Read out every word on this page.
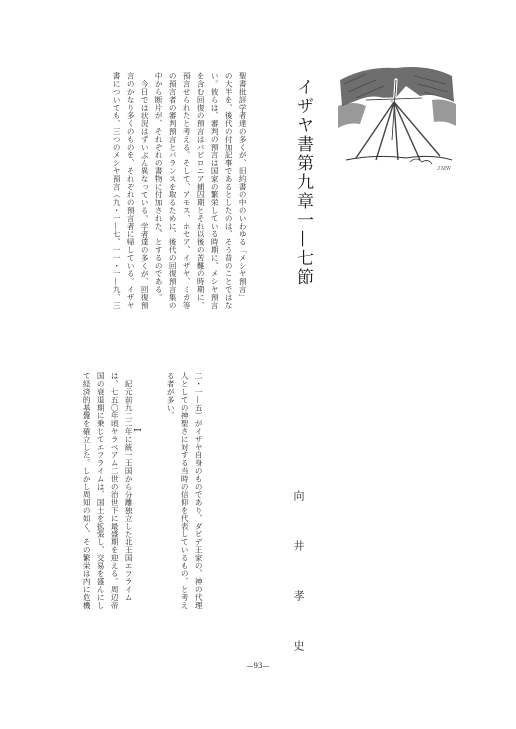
ＪＭＷ
イザヤ書第九章一—七節
向　井　孝　史
聖書批評学者達の多くが、旧約書の中のいわゆる「メシヤ預言」
の大半を、後代の付加記事であるとしたのは、そう昔のことではな
い。彼らは、審判の預言は国家の繁栄している時期に、メシヤ預言
を含む回復の預言はバビロニア捕囚期とそれ以後の苦難の時期に、
預言せられたと考える。そして、アモス、ホセア、イザヤ、ミカ等
の預言者の審判預言とバランスを取るために、後代の回復預言集の
中から断片が、それぞれの書物に付加された、とするのである。
今日では状況はずいぶん異なっている。学者達の多くが、回復預
言のかなり多くのものを、それぞれの預言者に帰している。イザヤ
書についても、三つのメシヤ預言（九・一—七、一一・一—九、三
二・一—五）がイザヤ自身のものであり、ダビデ王家の、神の代理
人としての神聖さに対する当時の信仰を代表しているもの、と考え
る者が多い。
I
紀元前九二二年に統一王国から分離独立した北王国エフライム
は、七五〇年頃ヤラベアム二世の治世下に最盛期を迎える。周辺帝
国の衰退期に乗じてエフライムは、国土を拡張し、交易を盛んにし
て経済的基盤を確立した。しかし周知の如く、その繁栄は内に危機
—93—
